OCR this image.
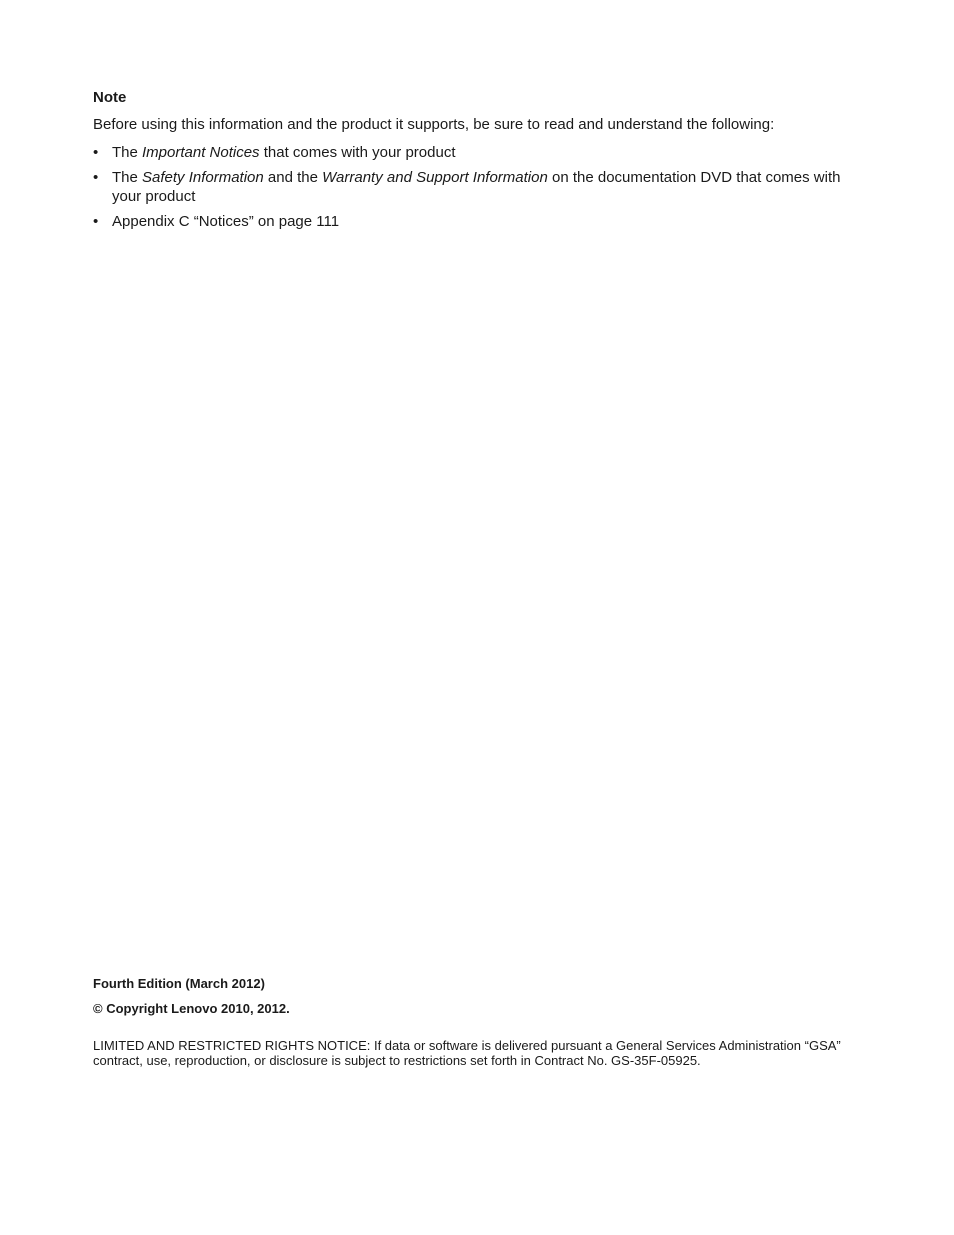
Note

Before using this information and the product it supports, be sure to read and understand the following:

• The Important Notices that comes with your product
• The Safety Information and the Warranty and Support Information on the documentation DVD that comes with your product
• Appendix C “Notices” on page 111

Fourth Edition (March 2012)

© Copyright Lenovo 2010, 2012.

LIMITED AND RESTRICTED RIGHTS NOTICE: If data or software is delivered pursuant a General Services Administration “GSA” contract, use, reproduction, or disclosure is subject to restrictions set forth in Contract No. GS-35F-05925.
